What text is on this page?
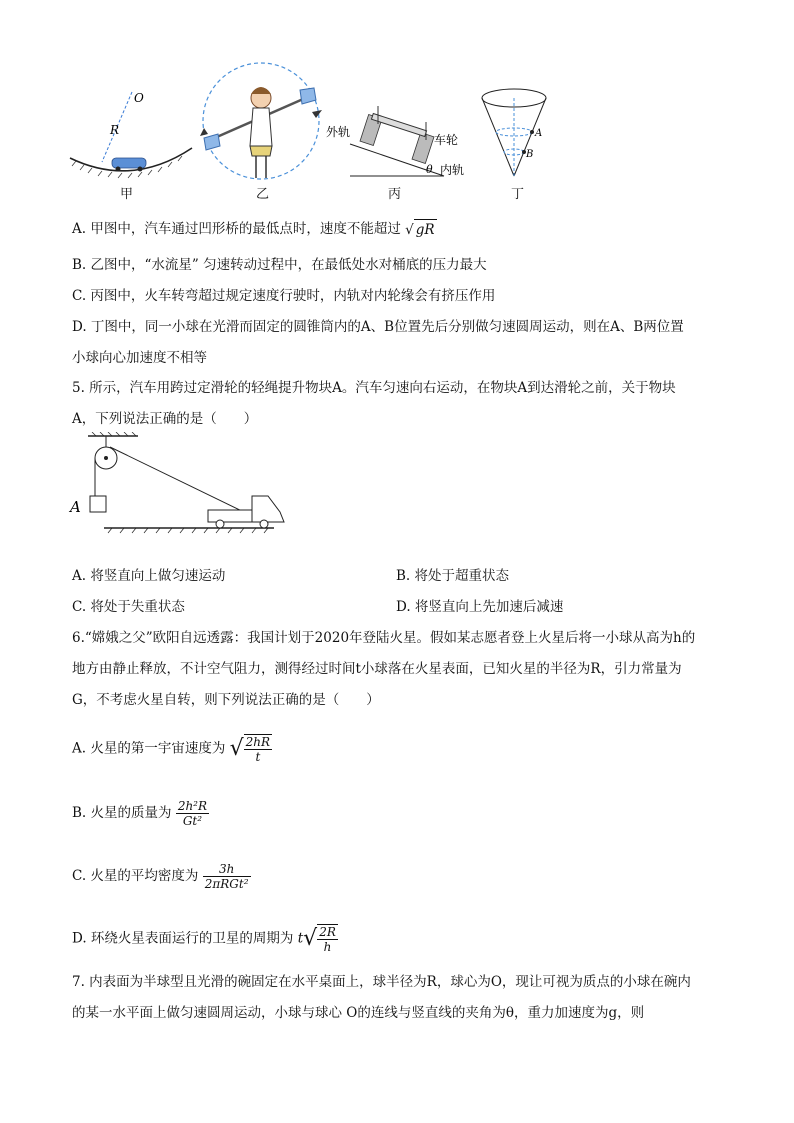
O
R
甲	乙
外轨
车轮
内轨
θ
丙
A
B
丁
A. 甲图中，汽车通过凹形桥的最低点时，速度不能超过 √ gR
B. 乙图中，“水流星” 匀速转动过程中，在最低处水对桶底的压力最大
C. 丙图中，火车转弯超过规定速度行驶时，内轨对内轮缘会有挤压作用
D. 丁图中，同一小球在光滑而固定的圆锥筒内的A、B位置先后分别做匀速圆周运动，则在A、B两位置
小球向心加速度不相等
5. 所示，汽车用跨过定滑轮的轻绳提升物块A。汽车匀速向右运动，在物块A到达滑轮之前，关于物块
A，下列说法正确的是（　　）
A
A. 将竖直向上做匀速运动	B. 将处于超重状态
C. 将处于失重状态	D. 将竖直向上先加速后减速
6.“嫦娥之父”欧阳自远透露：我国计划于2020年登陆火星。假如某志愿者登上火星后将一小球从高为h的
地方由静止释放，不计空气阻力，测得经过时间t小球落在火星表面，已知火星的半径为R，引力常量为
G，不考虑火星自转，则下列说法正确的是（　　）
A. 火星的第一宇宙速度为 √ $\frac{2hR}{t}$
B. 火星的质量为 $\frac{\text{2h²R}}{\text{Gt²}}$
C. 火星的平均密度为 $\frac{3h}{\text{2πRGt²}}$
D. 环绕火星表面运行的卫星的周期为 $t√ \frac{2R}{h}$
7. 内表面为半球型且光滑的碗固定在水平桌面上，球半径为R，球心为O，现让可视为质点的小球在碗内
的某一水平面上做匀速圆周运动，小球与球心 O的连线与竖直线的夹角为θ，重力加速度为g，则
